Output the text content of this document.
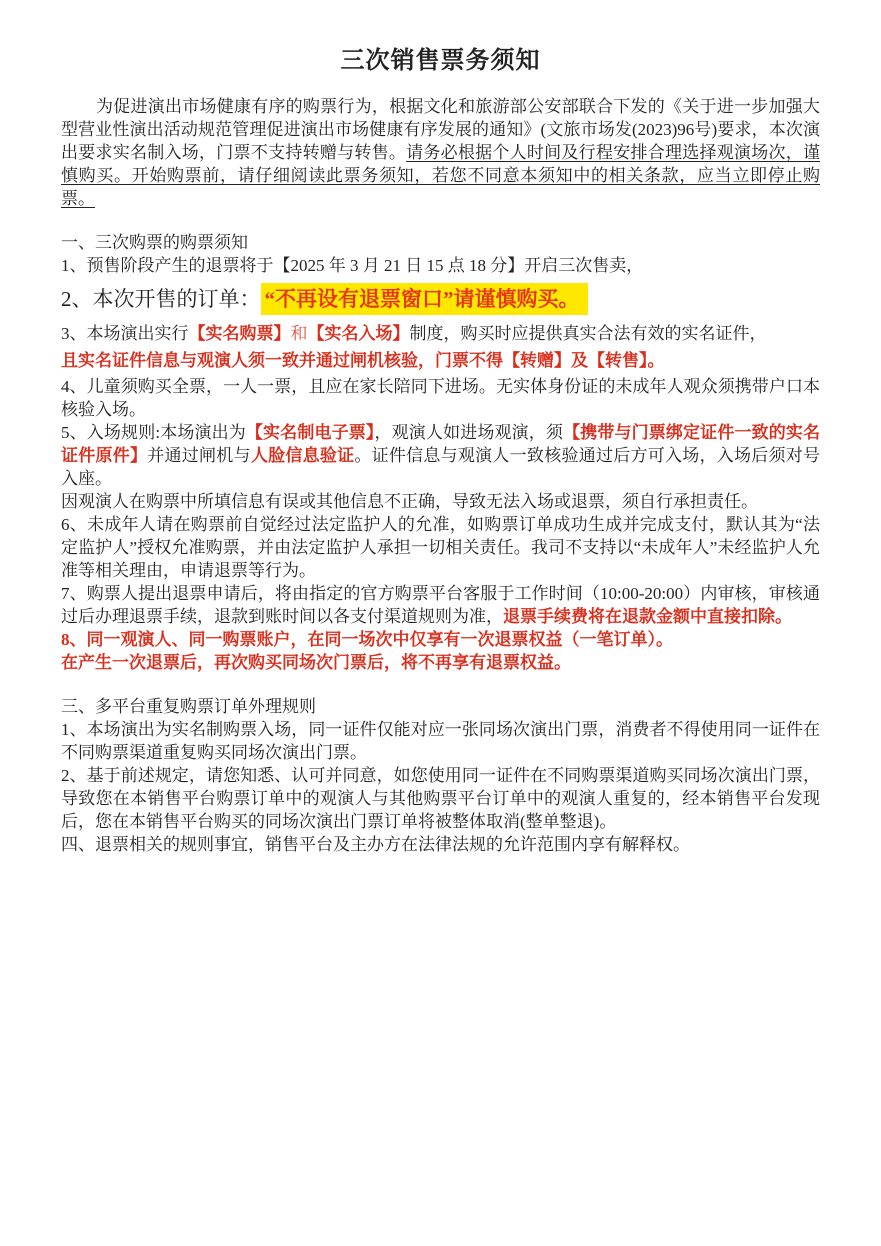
三次销售票务须知
为促进演出市场健康有序的购票行为，根据文化和旅游部公安部联合下发的《关于进一步加强大型营业性演出活动规范管理促进演出市场健康有序发展的通知》(文旅市场发(2023)96号)要求，本次演出要求实名制入场，门票不支持转赠与转售。请务必根据个人时间及行程安排合理选择观演场次，谨慎购买。开始购票前，请仔细阅读此票务须知，若您不同意本须知中的相关条款，应当立即停止购票。
一、三次购票的购票须知
1、预售阶段产生的退票将于【2025 年 3 月 21 日 15 点 18 分】开启三次售卖，
2、本次开售的订单： “不再设有退票窗口”请谨慎购买。
3、本场演出实行【实名购票】和【实名入场】制度，购买时应提供真实合法有效的实名证件，
且实名证件信息与观演人须一致并通过闸机核验，门票不得【转赠】及【转售】。
4、儿童须购买全票，一人一票，且应在家长陪同下进场。无实体身份证的未成年人观众须携带户口本核验入场。
5、入场规则:本场演出为【实名制电子票】，观演人如进场观演，须【携带与门票绑定证件一致的实名证件原件】并通过闸机与人脸信息验证。证件信息与观演人一致核验通过后方可入场，入场后须对号入座。
因观演人在购票中所填信息有误或其他信息不正确，导致无法入场或退票，须自行承担责任。
6、未成年人请在购票前自觉经过法定监护人的允准，如购票订单成功生成并完成支付，默认其为“法定监护人”授权允准购票，并由法定监护人承担一切相关责任。我司不支持以“未成年人”未经监护人允准等相关理由，申请退票等行为。
7、购票人提出退票申请后，将由指定的官方购票平台客服于工作时间（10:00-20:00）内审核，审核通过后办理退票手续，退款到账时间以各支付渠道规则为准，退票手续费将在退款金额中直接扣除。
8、同一观演人、同一购票账户，在同一场次中仅享有一次退票权益（一笔订单）。
在产生一次退票后，再次购买同场次门票后，将不再享有退票权益。
三、多平台重复购票订单外理规则
1、本场演出为实名制购票入场，同一证件仅能对应一张同场次演出门票，消费者不得使用同一证件在不同购票渠道重复购买同场次演出门票。
2、基于前述规定，请您知悉、认可并同意，如您使用同一证件在不同购票渠道购买同场次演出门票，导致您在本销售平台购票订单中的观演人与其他购票平台订单中的观演人重复的，经本销售平台发现后，您在本销售平台购买的同场次演出门票订单将被整体取消(整单整退)。
四、退票相关的规则事宜，销售平台及主办方在法律法规的允许范围内享有解释权。
